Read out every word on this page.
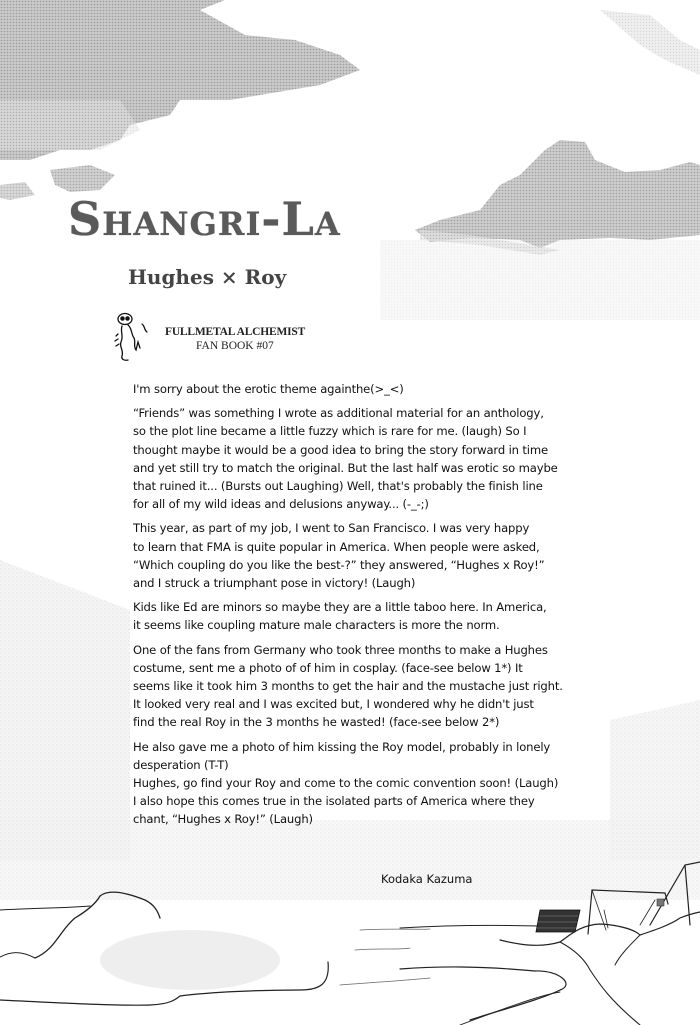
Shangri-La
Hughes × Roy
FULLMETAL ALCHEMIST
FAN BOOK #07
I'm sorry about the erotic theme againthe(>_<)
“Friends” was something I wrote as additional material for an anthology,
so the plot line became a little fuzzy which is rare for me. (laugh) So I
thought maybe it would be a good idea to bring the story forward in time
and yet still try to match the original. But the last half was erotic so maybe
that ruined it... (Bursts out Laughing) Well, that's probably the finish line
for all of my wild ideas and delusions anyway... (-_-;)
This year, as part of my job, I went to San Francisco. I was very happy
to learn that FMA is quite popular in America. When people were asked,
“Which coupling do you like the best-?” they answered, “Hughes x Roy!”
and I struck a triumphant pose in victory! (Laugh)
Kids like Ed are minors so maybe they are a little taboo here. In America,
it seems like coupling mature male characters is more the norm.
One of the fans from Germany who took three months to make a Hughes
costume, sent me a photo of of him in cosplay. (face-see below 1*) It
seems like it took him 3 months to get the hair and the mustache just right.
It looked very real and I was excited but, I wondered why he didn't just
find the real Roy in the 3 months he wasted! (face-see below 2*)
He also gave me a photo of him kissing the Roy model, probably in lonely
desperation (T-T)
Hughes, go find your Roy and come to the comic convention soon! (Laugh)
I also hope this comes true in the isolated parts of America where they
chant, “Hughes x Roy!” (Laugh)
Kodaka Kazuma
